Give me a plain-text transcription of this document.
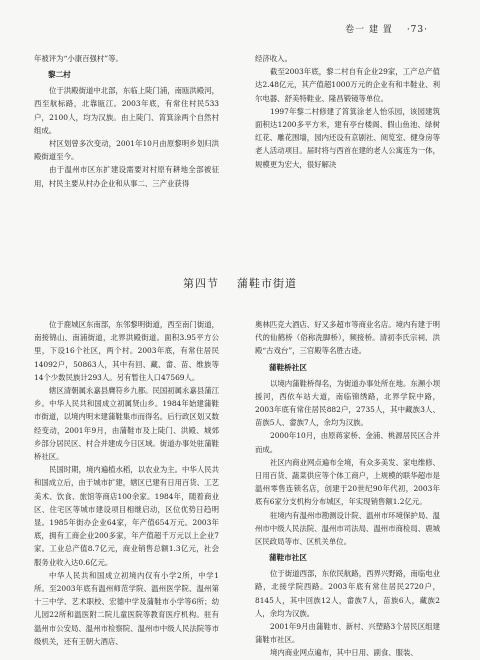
卷一 建 置 ·73·

年被评为“小康百强村”等。

黎二村

位于洪殿街道中北部，东临上陡门浦，南瓯洪殿河，西至航标路，北靠瓯江。2003年底，有常住村民533户，2100人，均为汉族。由上陡门、筲箕涂两个自然村组成。

村区划曾多次变动，2001年10月由原黎明乡划归洪殿街道至今。

由于温州市区东扩建设需要对村原有耕地全部被征用，村民主要从村办企业和从事二、三产业获得

经济收入。

截至2003年底，黎二村自有企业29家，工产总产值达2.48亿元，其产值超1000万元的企业有和丰鞋业、利尔电器、舒美特鞋业、隆昌锻镜等单位。

1997年黎二村修建了筲箕涂老人怡乐园，该园建筑面积达1200多平方米，建有亭台楼阁、假山鱼池、绿树红花、雕花围墙，园内还设有京剧社、阅览室、健身房等老人活动项目。届时将与西首在建的老人公寓连为一体，规模更为宏大，很好解决

第四节 蒲鞋市街道

位于鹿城区东南部，东邻黎明街道，西至南门街道，南接锦山、南浦街道，北界洪殿街道。面积3.95平方公里，下设16个社区，两个村。2003年底，有常住居民14092户，50863人，其中有回、藏、畲、苗、维族等14个少数民族计293人。另有暂住人口47569人。

辖区清朝属永嘉县膺符乡九都。民国初属永嘉县蒲江乡。中华人民共和国成立初属贤山乡。1984年始建蒲鞋市街道，以境内明末建蒲鞋集市而得名。后行政区划又数经变动，2001年9月，由蒲鞋市及上陡门、洪殿、城郊乡部分居民区、村合并建成今日区域。街道办事处驻蒲鞋桥社区。

民国时期，境内遍植水稻，以农业为主。中华人民共和国成立后，由于城市扩建，辖区已建有日用百货、工艺美术、饮食、旅馆等商店100余家。1984年，随着商业区、住宅区等城市建设项目相继启动，区位优势日趋明显。1985年街办企业64家，年产值654万元。2003年底，拥有工商企业200多家，年产值超千万元以上企业7家。工业总产值8.7亿元，商业销售总额1.3亿元，社会服务业收入达0.6亿元。

中华人民共和国成立初境内仅有小学2所，中学1所。至2003年底有温州师范学院、温州医学院、温州第十三中学、艺术职校、宏德中学及蒲鞋市小学等6所；幼儿园22所和温医附二院儿童医院等教育医疗机构。驻有温州市公安局、温州市检察院、温州市中级人民法院等市级机关，还有王朝大酒店、

奥林匹克大酒店、好又多超市等商业名店。境内有建于明代的仙鹤桥（俗称洗脚桥），频接桥。清初李氏宗祠、洪殿“古戏台”，三官殿等名胜古迹。

蒲鞋桥社区

以境内蒲鞋桥得名，为街道办事处所在地。东瀕小坝援河，西依车站大道，南临锦绣路，北界学院中路，2003年底有常住居民882户，2735人，其中藏族3人、苗族5人、畲族7人，余均为汉族。

2000年10月，由原蒋家桥、金浦、桃源居民区合并而成。

社区内商业网点遍布全境，有众多美发、家电维修、日用百货、蔬菜供应等个体工商户，上规模的联华超市是温州零售连锁名店，创建于20世纪90年代初，2003年底有6家分支机构分布城区，年实现销售额1.2亿元。

驻境内有温州市勘测设计院、温州市环境保护局、温州市中级人民法院、温州市司法局、温州市商检局、鹿城区民政局等市、区机关单位。

蒲鞋市社区

位于街道西部，东依民航路，西界兴野路，南临电业路，北接学院西路。2003年底有常住居民2720户，8145人，其中回族12人，畲族7人，苗族6人，藏族2人，余均为汉族。

2001年9月由蒲鞋市、新村、兴塑路3个居民区组建蒲鞋市社区。

境内商业网点遍布，其中日用、副食、服装、
